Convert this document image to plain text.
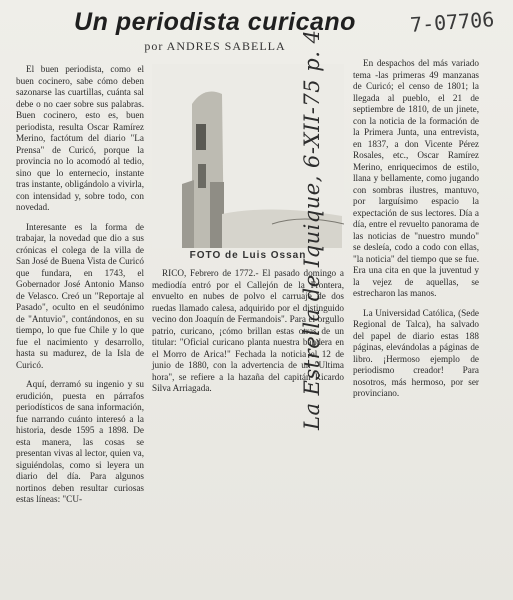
Un periodista curicano
por ANDRES SABELLA
7-07706

El buen periodista, como el buen cocinero, sabe cómo deben sazonarse las cuartillas, cuánta sal debe o no caer sobre sus palabras. Buen cocinero, esto es, buen periodista, resulta Oscar Ramírez Merino, factótum del diario "La Prensa" de Curicó, porque la provincia no lo acomodó al tedio, sino que lo enternecio, instante tras instante, obligándolo a vivirla, con intensidad y, sobre todo, con novedad.

Interesante es la forma de trabajar, la novedad que dio a sus crónicas el colega de la villa de San José de Buena Vista de Curicó que fundara, en 1743, el Gobernador José Antonio Manso de Velasco. Creó un "Reportaje al Pasado", oculto en el seudónimo de "Antuvio", contándonos, en su tiempo, lo que fue Chile y lo que fue el nacimiento y desarrollo, hasta su madurez, de la Isla de Curicó.

Aquí, derramó su ingenio y su erudición, puesta en párrafos periodísticos de sana información, fue narrando cuánto interesó a la historia, desde 1595 a 1898. De esta manera, las cosas se presentan vivas al lector, quien va, siguiéndolas, como si leyera un diario del día. Para algunos nortinos deben resultar curiosas estas líneas: "CU-

FOTO de Luis Ossan

RICO, Febrero de 1772.- El pasado domingo a mediodía entró por el Callejón de la Frontera, envuelto en nubes de polvo el carruaje de dos ruedas llamado calesa, adquirido por el distinguido vecino don Joaquín de Fermandois". Para el orgullo patrio, curicano, ¡cómo brillan estas otras de un titular: "Oficial curicano planta nuestra bandera en el Morro de Arica!" Fechada la noticia el 12 de junio de 1880, con la advertencia de un "Ultima hora", se refiere a la hazaña del capitán Ricardo Silva Arriagada.

En despachos del más variado tema -las primeras 49 manzanas de Curicó; el censo de 1801; la llegada al pueblo, el 21 de septiembre de 1810, de un jinete, con la noticia de la formación de la Primera Junta, una entrevista, en 1837, a don Vicente Pérez Rosales, etc., Oscar Ramírez Merino, enriquecimos de estilo, llana y bellamente, como jugando con sombras ilustres, mantuvo, por larguísimo espacio la expectación de sus lectores. Día a día, entre el revuelto panorama de las noticias de "nuestro mundo" se desleía, codo a codo con ellas, "la noticia" del tiempo que se fue. Era una cita en que la juventud y la vejez de aquellas, se estrecharon las manos.

La Universidad Católica, (Sede Regional de Talca), ha salvado del papel de diario estas 188 páginas, elevándolas a páginas de libro. ¡Hermoso ejemplo de periodismo creador! Para nosotros, más hermoso, por ser provinciano.

La Estrella de Iquique, 6-XII-75 p. 4
